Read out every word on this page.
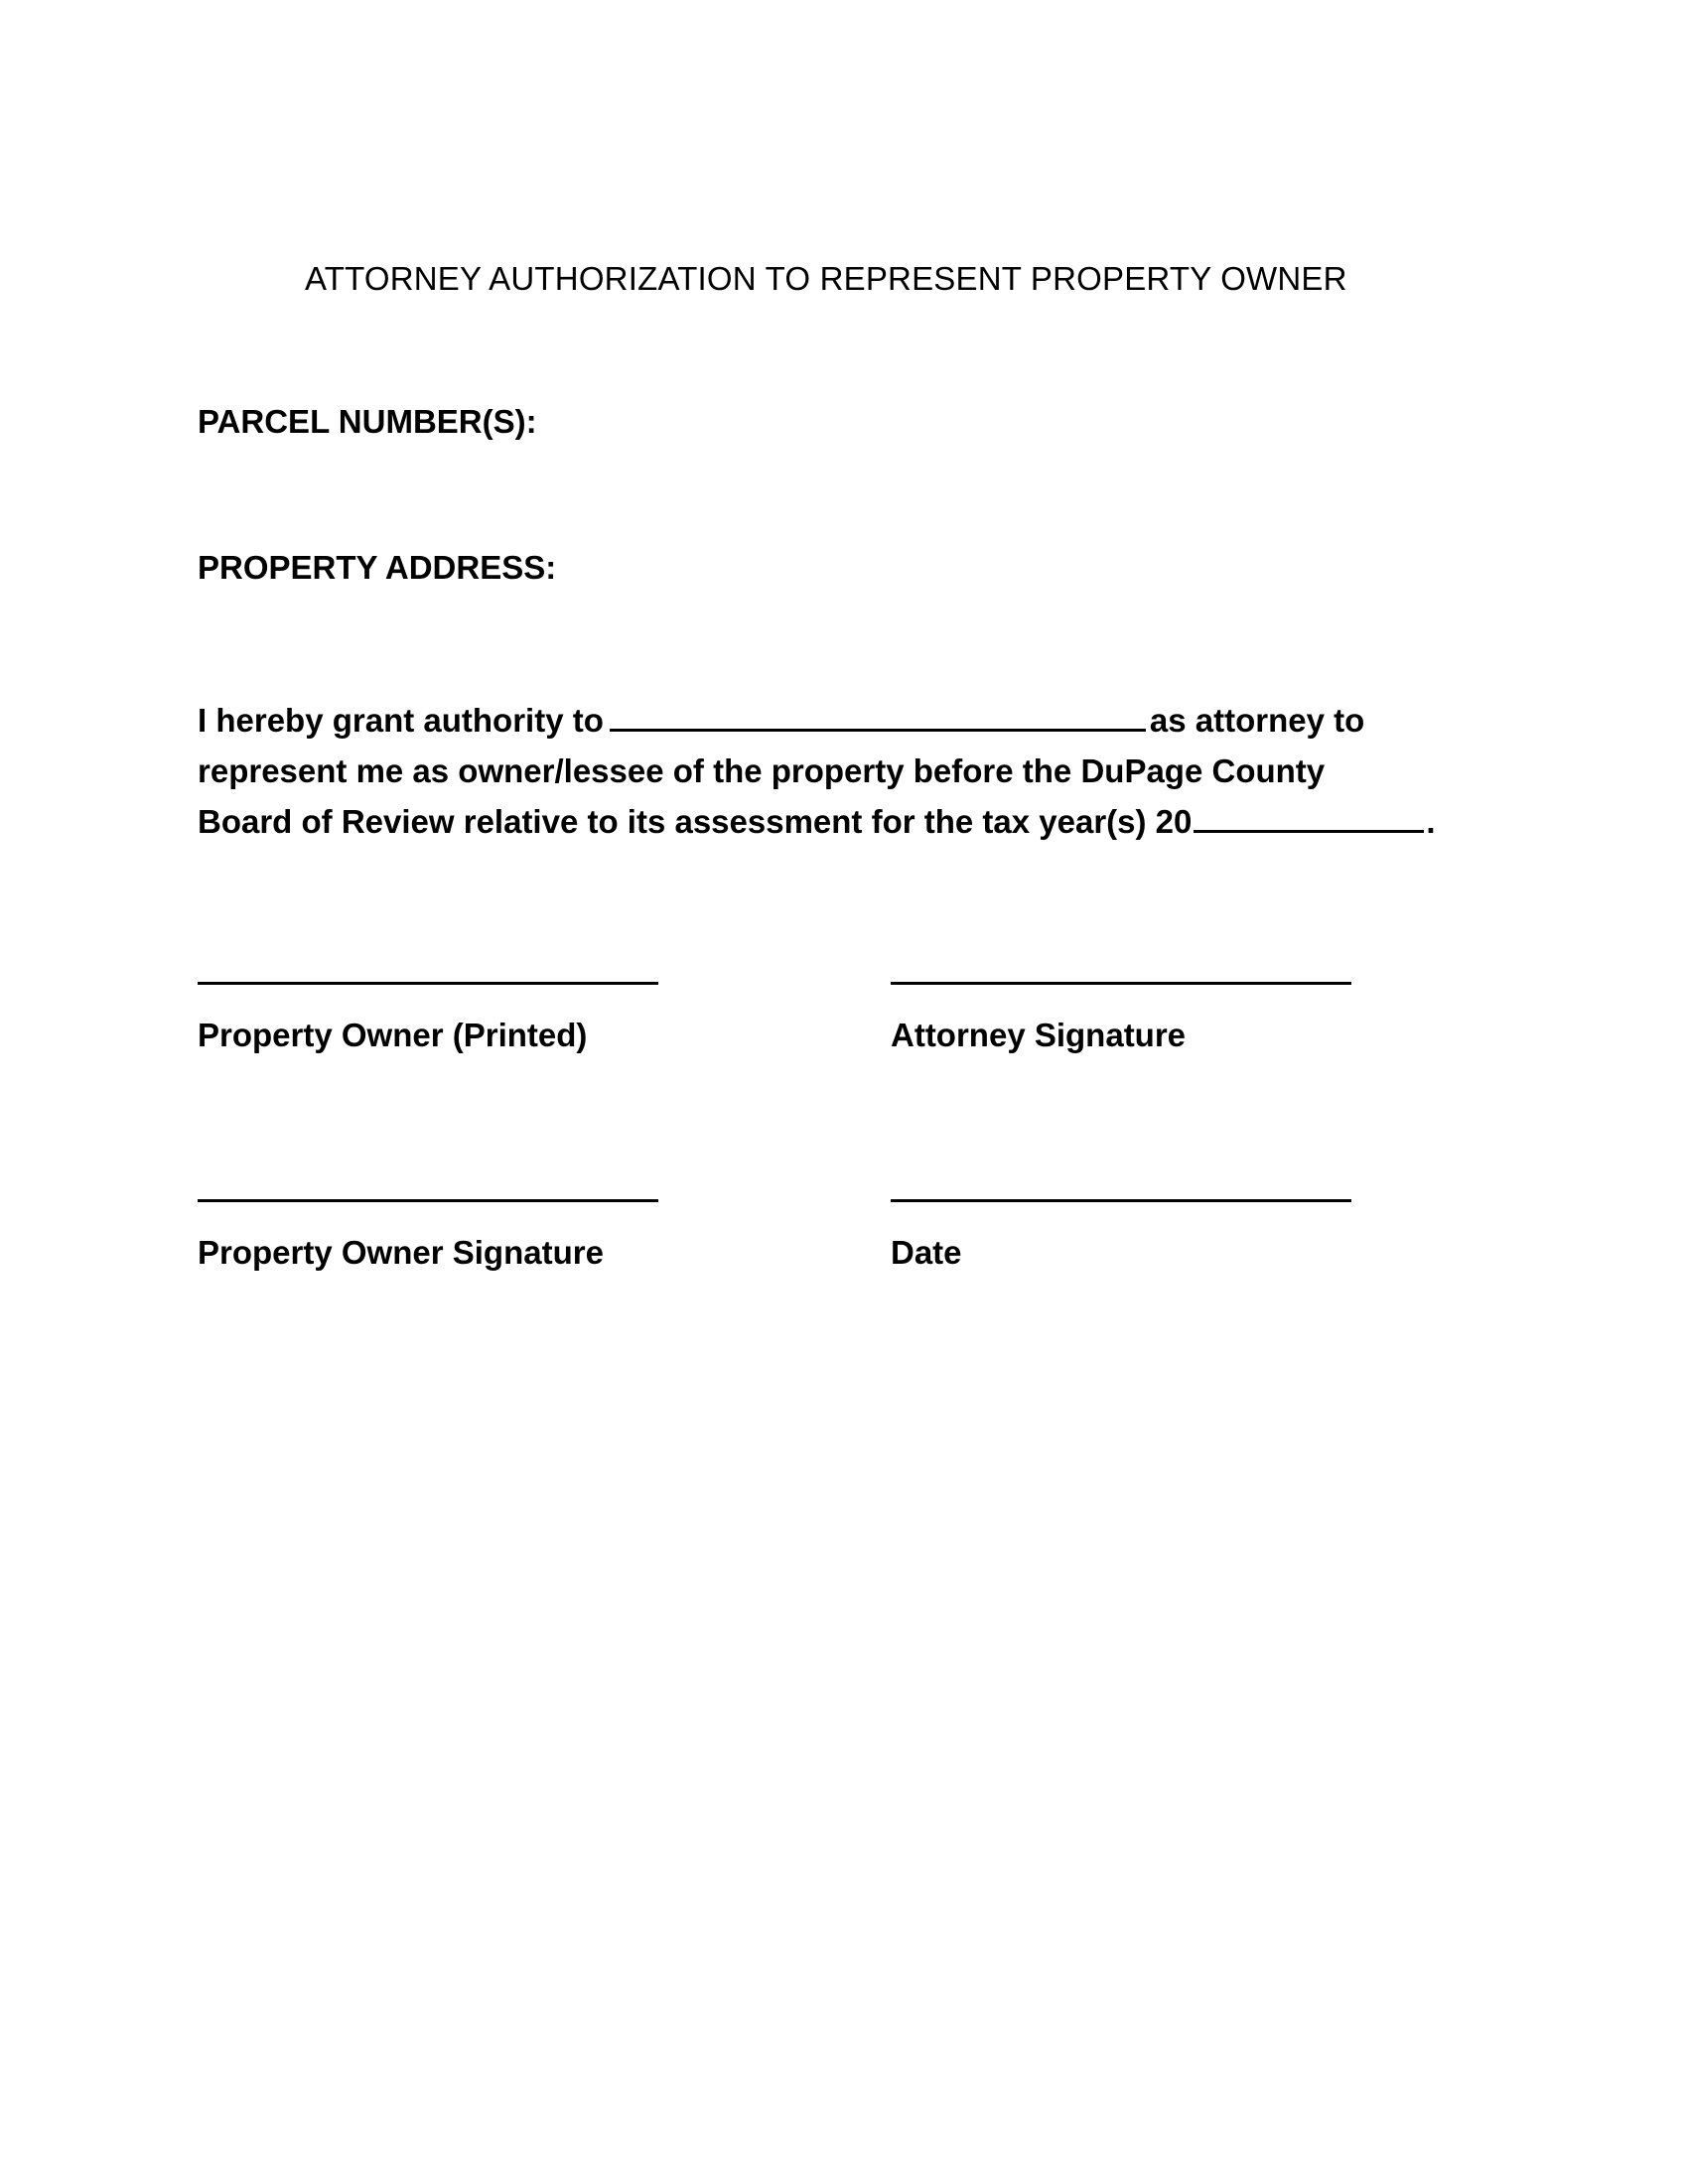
ATTORNEY AUTHORIZATION TO REPRESENT PROPERTY OWNER

PARCEL NUMBER(S):

PROPERTY ADDRESS:

I hereby grant authority to	as attorney to
represent me as owner/lessee of the property before the DuPage County
Board of Review relative to its assessment for the tax year(s) 20	.

Property Owner (Printed)	Attorney Signature

Property Owner Signature	Date
